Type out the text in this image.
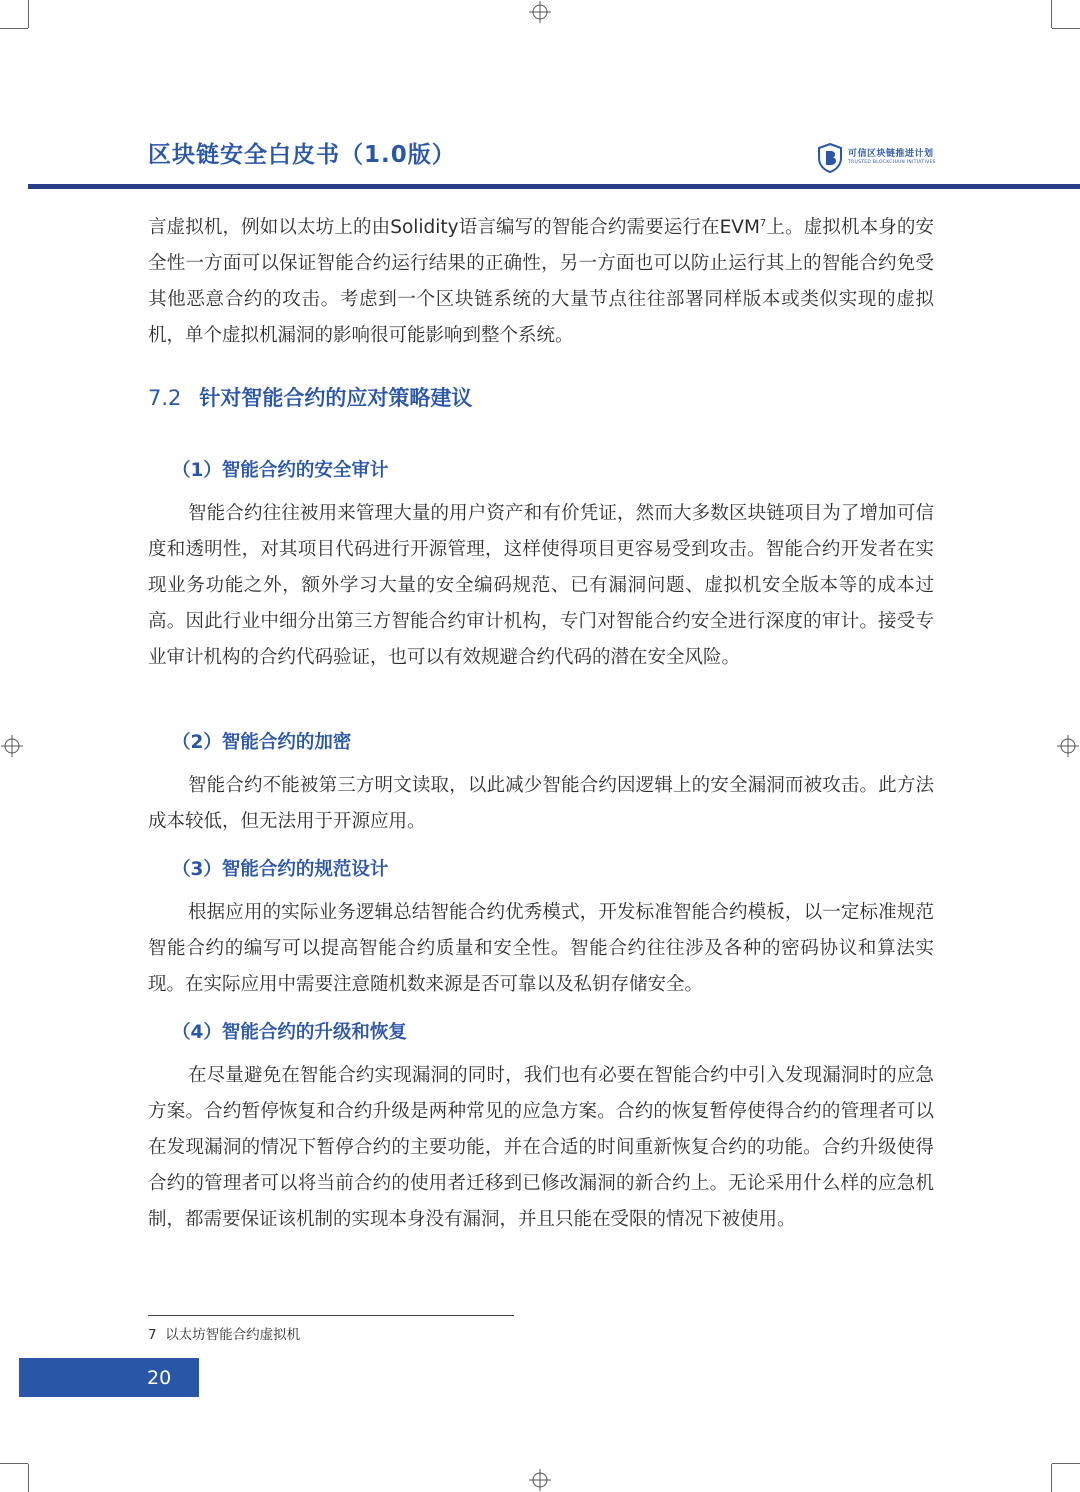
区块链安全白皮书（1.0版）	可信区块链推进计划
TRUSTED BLOCKCHAIN INITIATIVES

言虚拟机，例如以太坊上的由Solidity语言编写的智能合约需要运行在EVM$^7$上。虚拟机本身的安全性一方面可以保证智能合约运行结果的正确性，另一方面也可以防止运行其上的智能合约免受其他恶意合约的攻击。考虑到一个区块链系统的大量节点往往部署同样版本或类似实现的虚拟机，单个虚拟机漏洞的影响很可能影响到整个系统。

7.2 针对智能合约的应对策略建议
（1）智能合约的安全审计

智能合约往往被用来管理大量的用户资产和有价凭证，然而大多数区块链项目为了增加可信度和透明性，对其项目代码进行开源管理，这样使得项目更容易受到攻击。智能合约开发者在实现业务功能之外，额外学习大量的安全编码规范、已有漏洞问题、虚拟机安全版本等的成本过高。因此行业中细分出第三方智能合约审计机构，专门对智能合约安全进行深度的审计。接受专业审计机构的合约代码验证，也可以有效规避合约代码的潜在安全风险。

（2）智能合约的加密

智能合约不能被第三方明文读取，以此减少智能合约因逻辑上的安全漏洞而被攻击。此方法成本较低，但无法用于开源应用。

（3）智能合约的规范设计

根据应用的实际业务逻辑总结智能合约优秀模式，开发标准智能合约模板，以一定标准规范智能合约的编写可以提高智能合约质量和安全性。智能合约往往涉及各种的密码协议和算法实现。在实际应用中需要注意随机数来源是否可靠以及私钥存储安全。

（4）智能合约的升级和恢复

在尽量避免在智能合约实现漏洞的同时，我们也有必要在智能合约中引入发现漏洞时的应急方案。合约暂停恢复和合约升级是两种常见的应急方案。合约的恢复暂停使得合约的管理者可以在发现漏洞的情况下暂停合约的主要功能，并在合适的时间重新恢复合约的功能。合约升级使得合约的管理者可以将当前合约的使用者迁移到已修改漏洞的新合约上。无论采用什么样的应急机制，都需要保证该机制的实现本身没有漏洞，并且只能在受限的情况下被使用。

7 以太坊智能合约虚拟机
20
